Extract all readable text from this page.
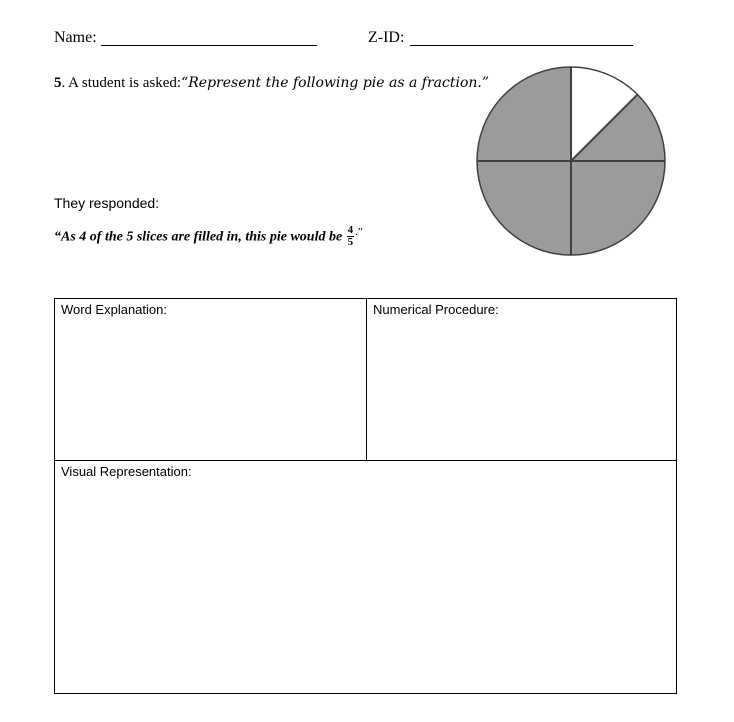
Name:	Z-ID:
5. A student is asked:“Represent the following pie as a fraction.”
They responded:
“As 4 of the 5 slices are filled in, this pie would be $\frac{4}{5} ^{.”}$
Word Explanation:	Numerical Procedure:
Visual Representation:
